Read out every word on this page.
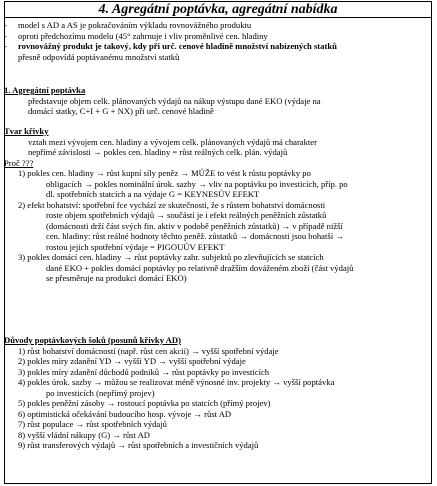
4. Agregátní poptávka, agregátní nabídka
- model s AD a AS je pokračováním výkladu rovnovážného produktu
- oproti předchozímu modelu (45° zahrnuje i vliv proměnlivé cen. hladiny
- rovnovážný produkt je takový, kdy při urč. cenové hladině množství nabízených statků
přesně odpovídá poptávanému množství statků
1. Agregátní poptávka
představuje objem celk. plánovaných výdajů na nákup výstupu dané EKO (výdaje na
domácí statky, C+I + G + NX) při urč. cenové hladině
Tvar křivky
vztah mezi vývojem cen. hladiny a vývojem celk. plánovaných výdajů má charakter
nepřímé závislosti → pokles cen. hladiny = růst reálných celk. plán. výdajů
Proč ???
1) pokles cen. hladiny → růst kupní síly peněz → MŮŽE to vést k růstu poptávky po
obligacích → pokles nominální úrok. sazby → vliv na poptávku po investicích, příp. po
dl. spotřebních statcích a na výdaje G = KEYNESŮV EFEKT
2) efekt bohatství: spotřební fce vychází ze skutečnosti, že s růstem bohatství domácnosti
roste objem spotřebních výdajů → součástí je i efekt reálných peněžních zůstatků
(domácnosti drží část svých fin. aktiv v podobě peněžních zůstatků) → v případě nižší
cen. hladiny: růst reálné hodnoty těchto peněž. zůstatků → domácnosti jsou bohatší →
rostou jejich spotřební výdaje = PIGOUŮV EFEKT
3) pokles domácí cen. hladiny → růst poptávky zahr. subjektů po zlevňujících se statcích
dané EKO + pokles domácí poptávky po relativně dražším dováženém zboží (část výdajů
se přesměruje na produkci domácí EKO)
Důvody poptávkových šoků (posunů křivky AD)
1) růst bohatství domácností (např. růst cen akcií) → vyšší spotřební výdaje
2) pokles míry zdanění YD → vyšší YD → vyšší spotřební výdaje
3) pokles míry zdanění důchodů podniků → růst poptávky po investicích
4) pokles úrok. sazby → můžou se realizovat méně výnosné inv. projekty → vyšší poptávka
po investicích (nepřímý projev)
5) pokles peněžní zásoby → rostoucí poptávka po statcích (přímý projev)
6) optimistická očekávání budoucího hosp. vývoje → růst AD
7) růst populace → růst spotřebních výdajů
8) vyšší vládní nákupy (G) → růst AD
9) růst transferových výdajů → růst spotřebních a investičních výdajů
